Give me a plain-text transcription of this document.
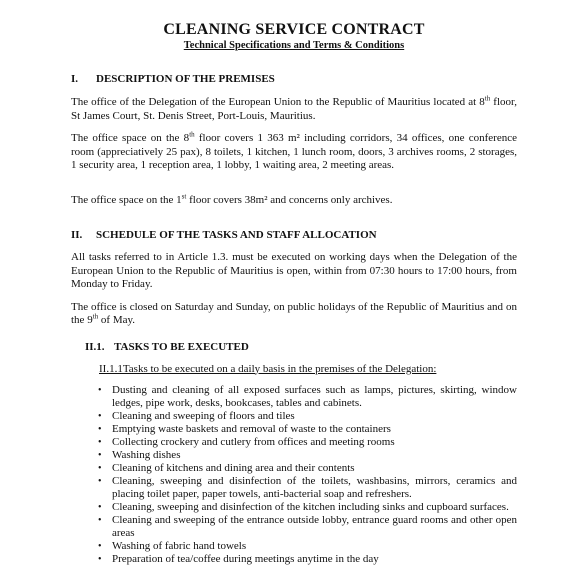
CLEANING SERVICE CONTRACT

Technical Specifications and Terms & Conditions

I.	DESCRIPTION OF THE PREMISES

The office of the Delegation of the European Union to the Republic of Mauritius located at 8th floor, St James Court, St. Denis Street, Port-Louis, Mauritius.

The office space on the 8th floor covers 1 363 m² including corridors, 34 offices, one conference room (appreciatively 25 pax), 8 toilets, 1 kitchen, 1 lunch room, doors, 3 archives rooms, 2 storages, 1 security area, 1 reception area, 1 lobby, 1 waiting area, 2 meeting areas.

The office space on the 1st floor covers 38m² and concerns only archives.

II.	SCHEDULE OF THE TASKS AND STAFF ALLOCATION

All tasks referred to in Article 1.3. must be executed on working days when the Delegation of the European Union to the Republic of Mauritius is open, within from 07:30 hours to 17:00 hours, from Monday to Friday.

The office is closed on Saturday and Sunday, on public holidays of the Republic of Mauritius and on the 9th of May.

II.1. TASKS TO BE EXECUTED

II.1.1Tasks to be executed on a daily basis in the premises of the Delegation:

• Dusting and cleaning of all exposed surfaces such as lamps, pictures, skirting, window ledges, pipe work, desks, bookcases, tables and cabinets.
• Cleaning and sweeping of floors and tiles
• Emptying waste baskets and removal of waste to the containers
• Collecting crockery and cutlery from offices and meeting rooms
• Washing dishes
• Cleaning of kitchens and dining area and their contents
• Cleaning, sweeping and disinfection of the toilets, washbasins, mirrors, ceramics and placing toilet paper, paper towels, anti-bacterial soap and refreshers.
• Cleaning, sweeping and disinfection of the kitchen including sinks and cupboard surfaces.
• Cleaning and sweeping of the entrance outside lobby, entrance guard rooms and other open areas
• Washing of fabric hand towels
• Preparation of tea/coffee during meetings anytime in the day
